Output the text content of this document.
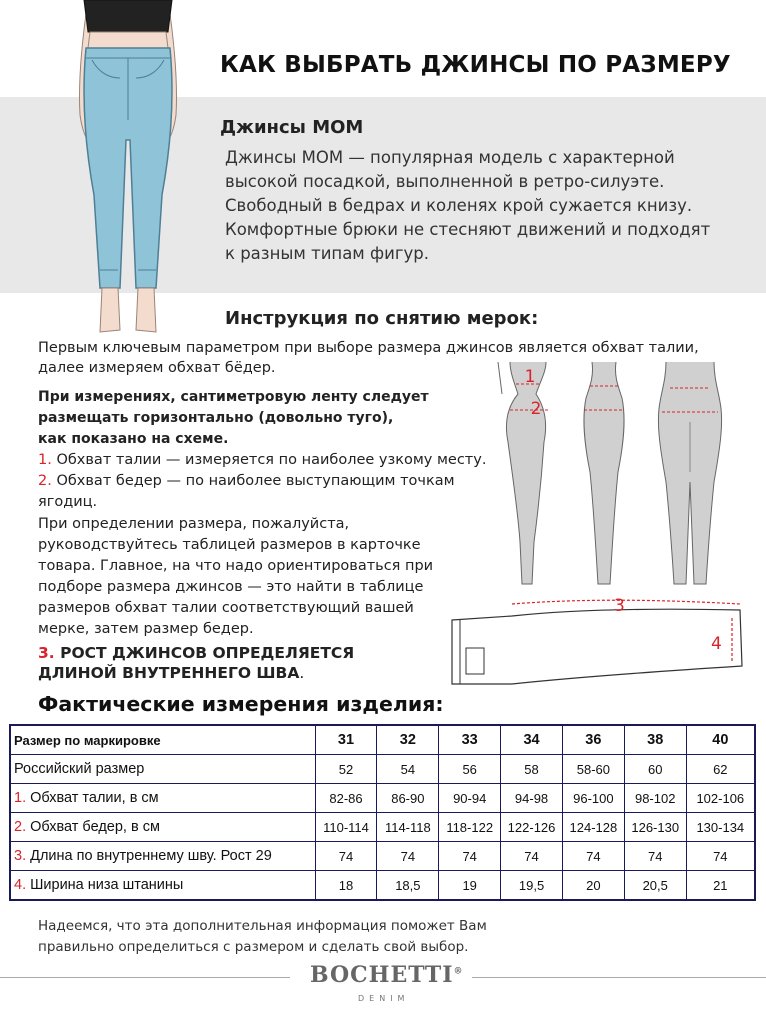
КАК ВЫБРАТЬ ДЖИНСЫ ПО РАЗМЕРУ
Джинсы MOM
Джинсы MOM — популярная модель с характерной
высокой посадкой, выполненной в ретро-силуэте.
Свободный в бедрах и коленях крой сужается книзу.
Комфортные брюки не стесняют движений и подходят
к разным типам фигур.
Инструкция по снятию мерок:
Первым ключевым параметром при выборе размера джинсов является обхват талии,
далее измеряем обхват бёдер.
При измерениях, сантиметровую ленту следует
размещать горизонтально (довольно туго),
как показано на схеме.
1. Обхват талии — измеряется по наиболее узкому месту.
2. Обхват бедер — по наиболее выступающим точкам
ягодиц.
При определении размера, пожалуйста,
руководствуйтесь таблицей размеров в карточке
товара. Главное, на что надо ориентироваться при
подборе размера джинсов — это найти в таблице
размеров обхват талии соответствующий вашей
мерке, затем размер бедер.
3. РОСТ ДЖИНСОВ ОПРЕДЕЛЯЕТСЯ
ДЛИНОЙ ВНУТРЕННЕГО ШВА.
1
2
3
4
Фактические измерения изделия:
Размер по маркировке	31	32	33	34	36	38	40
Российский размер	52	54	56	58	58-60	60	62
1. Обхват талии, в см	82-86	86-90	90-94	94-98	96-100	98-102	102-106
2. Обхват бедер, в см	110-114	114-118	118-122	122-126	124-128	126-130	130-134
3. Длина по внутреннему шву. Рост 29	74	74	74	74	74	74	74
4. Ширина низа штанины	18	18,5	19	19,5	20	20,5	21
Надеемся, что эта дополнительная информация поможет Вам
правильно определиться с размером и сделать свой выбор.
BOCHETTI®
DENIM
